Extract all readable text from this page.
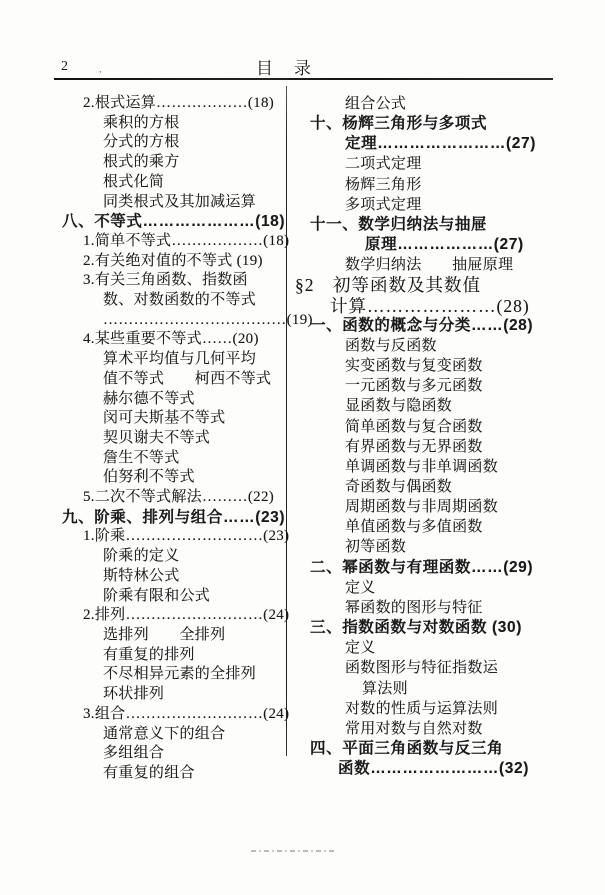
2	,	目　录
2.根式运算………………(18)
乘积的方根
分式的方根
根式的乘方
根式化简
同类根式及其加减运算
八、不等式…………………(18)
1.简单不等式………………(18)
2.有关绝对值的不等式 (19)
3.有关三角函数、指数函
数、对数函数的不等式
………………………………(19)
4.某些重要不等式……(20)
算术平均值与几何平均
值不等式　　柯西不等式
赫尔德不等式
闵可夫斯基不等式
契贝谢夫不等式
詹生不等式
伯努利不等式
5.二次不等式解法………(22)
九、阶乘、排列与组合……(23)
1.阶乘………………………(23)
阶乘的定义
斯特林公式
阶乘有限和公式
2.排列………………………(24)
选排列　　全排列
有重复的排列
不尽相异元素的全排列
环状排列
3.组合………………………(24)
通常意义下的组合
多组组合
有重复的组合
组合公式
十、杨辉三角形与多项式
定理……………………(27)
二项式定理
杨辉三角形
多项式定理
十一、数学归纳法与抽屉
原理………………(27)
数学归纳法　　抽屉原理
§2　初等函数及其数值
计算…………………(28)
一、函数的概念与分类……(28)
函数与反函数
实变函数与复变函数
一元函数与多元函数
显函数与隐函数
简单函数与复合函数
有界函数与无界函数
单调函数与非单调函数
奇函数与偶函数
周期函数与非周期函数
单值函数与多值函数
初等函数
二、幂函数与有理函数……(29)
定义
幂函数的图形与特征
三、指数函数与对数函数 (30)
定义
函数图形与特征指数运
算法则
对数的性质与运算法则
常用对数与自然对数
四、平面三角函数与反三角
函数……………………(32)
